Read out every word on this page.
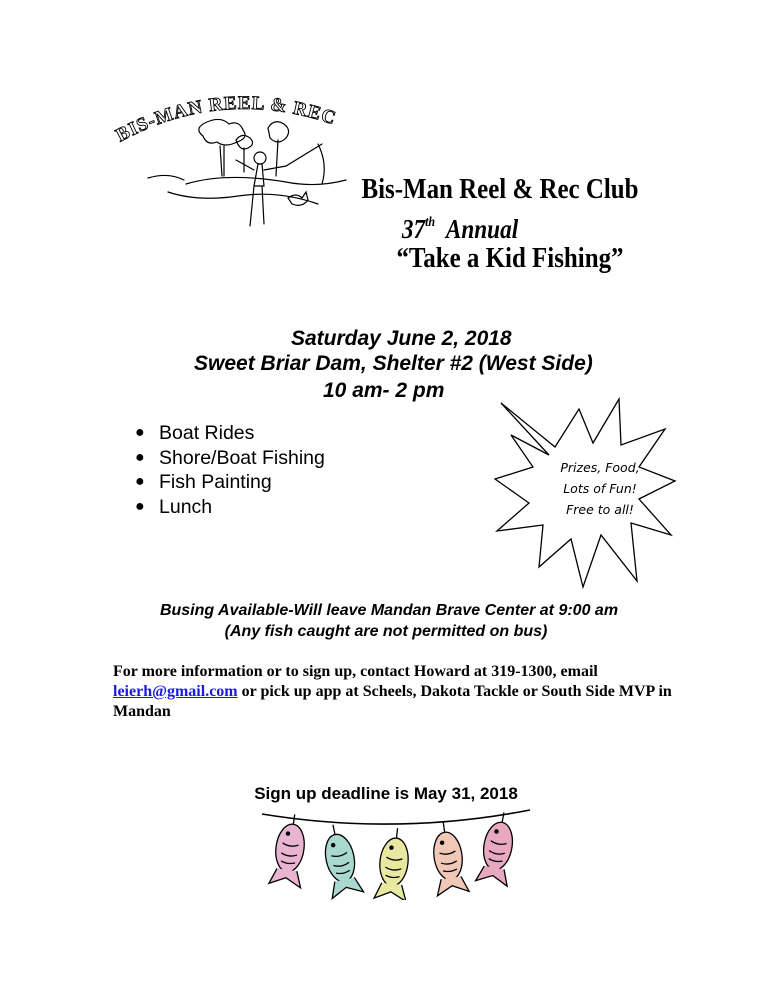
BIS-MAN REEL & REC
Bis-Man Reel & Rec Club
37th Annual
“Take a Kid Fishing”
Saturday June 2, 2018
Sweet Briar Dam, Shelter #2 (West Side)
10 am- 2 pm
● Boat Rides
● Shore/Boat Fishing
● Fish Painting
● Lunch
Prizes, Food,
Lots of Fun!
Free to all!
Busing Available-Will leave Mandan Brave Center at 9:00 am
(Any fish caught are not permitted on bus)
For more information or to sign up, contact Howard at 319-1300, email leierh@gmail.com or pick up app at Scheels, Dakota Tackle or South Side MVP in Mandan
Sign up deadline is May 31, 2018
